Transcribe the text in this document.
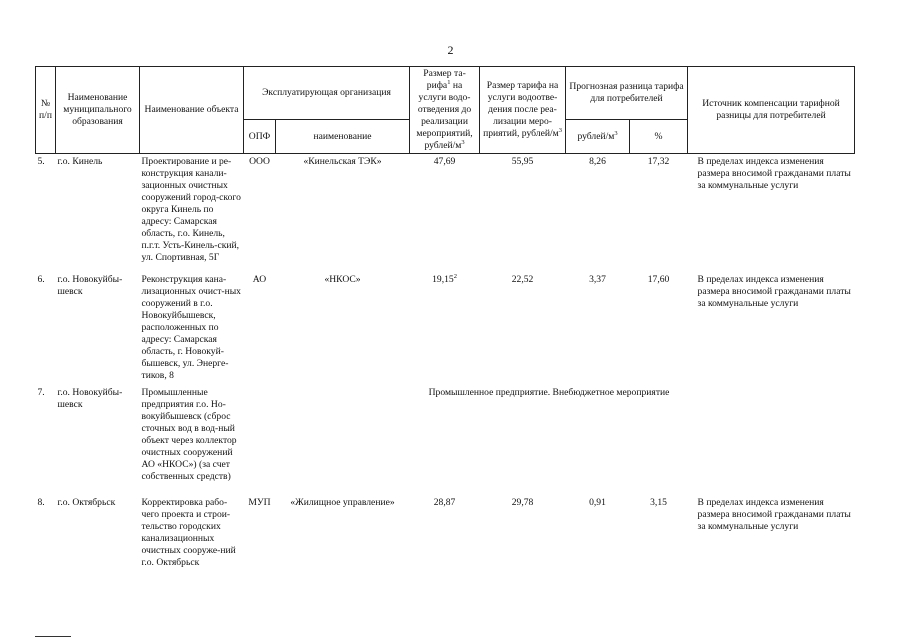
2
№ п/п	Наименование муниципального образования	Наименование объекта	Эксплуатирующая организация		Размер та-рифа$^1$ на услуги водо-отведения до реализации мероприятий, рублей/$м^3$	Размер тарифа на услуги водоотве-дения после реа-лизации меро-приятий, рублей/$м^3$	Прогнозная разница тарифа для потребителей		Источник компенсации тарифной разницы для потребителей
			ОПФ	наименование			рублей/$м^3$	%	
5.	г.о. Кинель	Проектирование и ре-конструкция канали-зационных очистных сооружений город-ского округа Кинель по адресу: Самарская область, г.о. Кинель, п.г.т. Усть-Кинель-ский, ул. Спортивная, 5Г	ООО	«Кинельская ТЭК»	47,69	55,95	8,26	17,32	В пределах индекса изменения размера вносимой гражданами платы за коммунальные услуги
6.	г.о. Новокуйбы-шевск	Реконструкция кана-лизационных очист-ных сооружений в г.о. Новокуйбышевск, расположенных по адресу: Самарская область, г. Новокуй-бышевск, ул. Энерге-тиков, 8	АО	«НКОС»	19,15$^2$	22,52	3,37	17,60	В пределах индекса изменения размера вносимой гражданами платы за коммунальные услуги
7.	г.о. Новокуйбы-шевск	Промышленные предприятия г.о. Но-вокуйбышевск (сброс сточных вод в вод-ный объект через коллектор очистных сооружений АО «НКОС») (за счет собственных средств)	Промышленное предприятие. Внебюджетное мероприятие						
8.	г.о. Октябрьск	Корректировка рабо-чего проекта и строи-тельство городских канализационных очистных сооруже-ний г.о. Октябрьск	МУП	«Жилищное управление»	28,87	29,78	0,91	3,15	В пределах индекса изменения размера вносимой гражданами платы за коммунальные услуги
